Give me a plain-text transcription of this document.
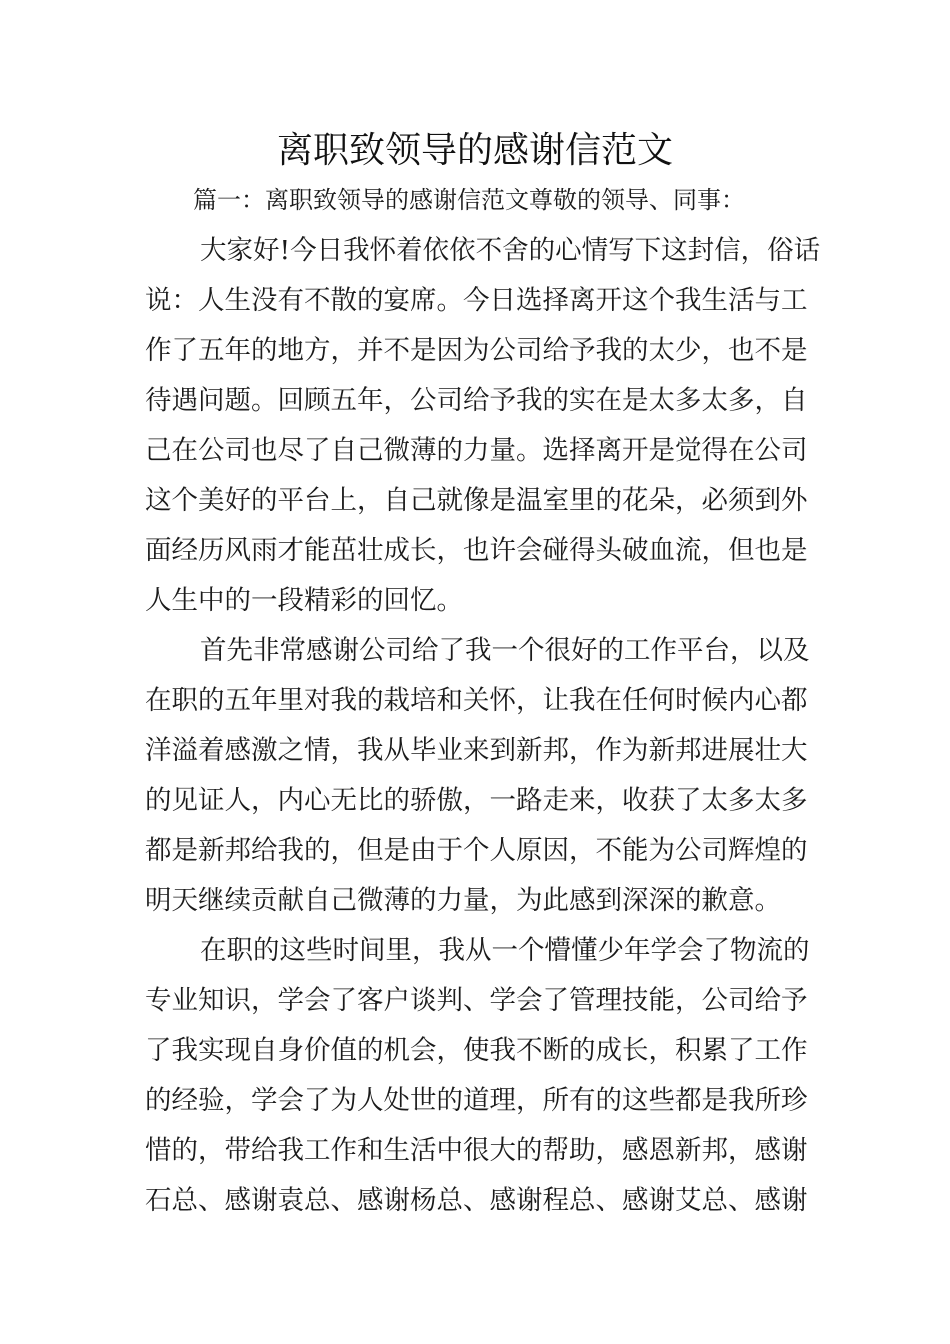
离职致领导的感谢信范文

篇一：离职致领导的感谢信范文尊敬的领导、同事：

大家好!今日我怀着依依不舍的心情写下这封信，俗话
说：人生没有不散的宴席。今日选择离开这个我生活与工
作了五年的地方，并不是因为公司给予我的太少，也不是
待遇问题。回顾五年，公司给予我的实在是太多太多，自
己在公司也尽了自己微薄的力量。选择离开是觉得在公司
这个美好的平台上，自己就像是温室里的花朵，必须到外
面经历风雨才能茁壮成长，也许会碰得头破血流，但也是
人生中的一段精彩的回忆。
首先非常感谢公司给了我一个很好的工作平台，以及
在职的五年里对我的栽培和关怀，让我在任何时候内心都
洋溢着感激之情，我从毕业来到新邦，作为新邦进展壮大
的见证人，内心无比的骄傲，一路走来，收获了太多太多
都是新邦给我的，但是由于个人原因，不能为公司辉煌的
明天继续贡献自己微薄的力量，为此感到深深的歉意。
在职的这些时间里，我从一个懵懂少年学会了物流的
专业知识，学会了客户谈判、学会了管理技能，公司给予
了我实现自身价值的机会，使我不断的成长，积累了工作
的经验，学会了为人处世的道理，所有的这些都是我所珍
惜的，带给我工作和生活中很大的帮助，感恩新邦，感谢
石总、感谢袁总、感谢杨总、感谢程总、感谢艾总、感谢
